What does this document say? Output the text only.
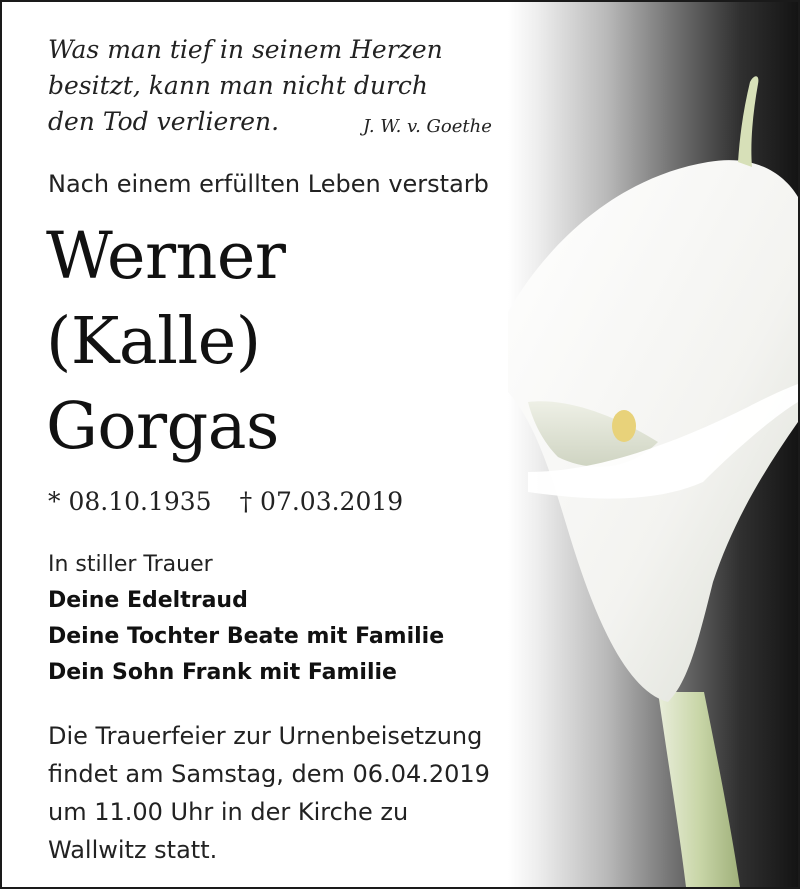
Was man tief in seinem Herzen
besitzt, kann man nicht durch
den Tod verlieren.	J. W. v. Goethe
Nach einem erfüllten Leben verstarb
Werner
(Kalle)
Gorgas
* 08.10.1935 † 07.03.2019
In stiller Trauer
Deine Edeltraud
Deine Tochter Beate mit Familie
Dein Sohn Frank mit Familie
Die Trauerfeier zur Urnenbeisetzung
findet am Samstag, dem 06.04.2019
um 11.00 Uhr in der Kirche zu
Wallwitz statt.
